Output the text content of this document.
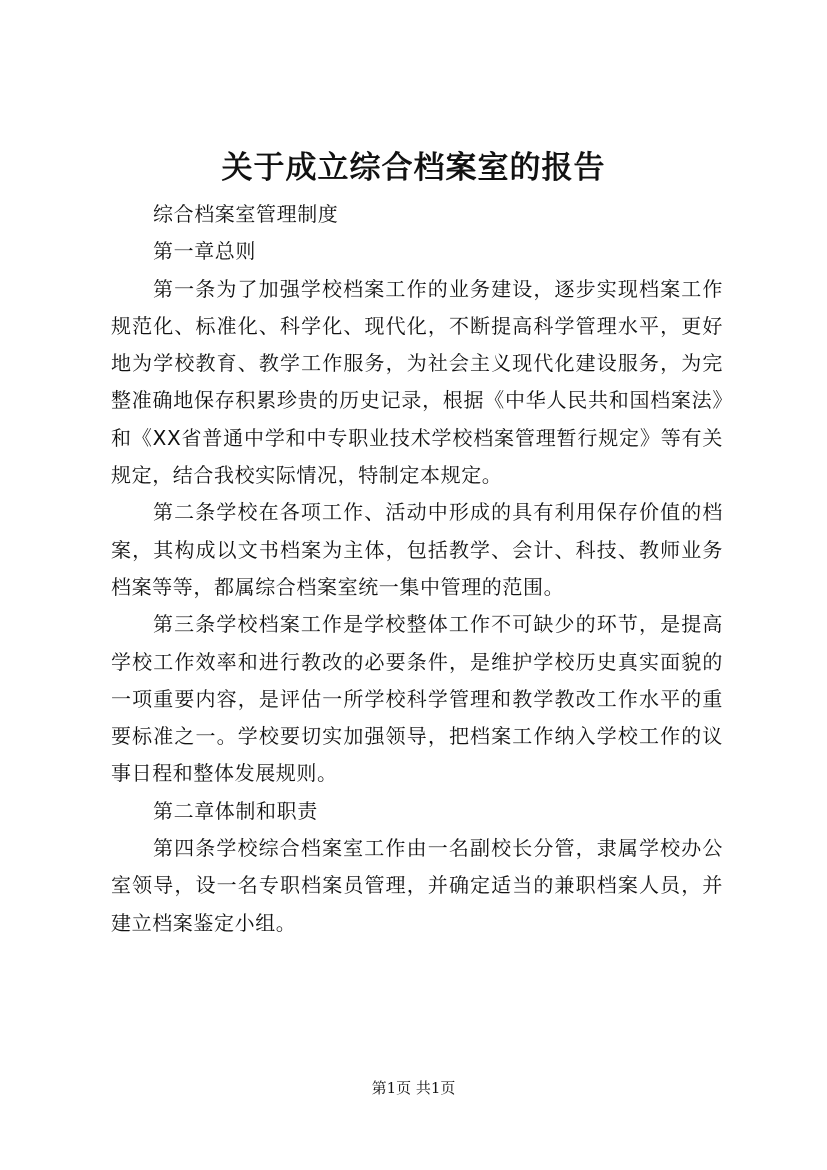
关于成立综合档案室的报告

综合档案室管理制度

第一章总则

第一条为了加强学校档案工作的业务建设，逐步实现档案工作规范化、标准化、科学化、现代化，不断提高科学管理水平，更好地为学校教育、教学工作服务，为社会主义现代化建设服务，为完整准确地保存积累珍贵的历史记录，根据《中华人民共和国档案法》和《XX省普通中学和中专职业技术学校档案管理暂行规定》等有关规定，结合我校实际情况，特制定本规定。

第二条学校在各项工作、活动中形成的具有利用保存价值的档案，其构成以文书档案为主体，包括教学、会计、科技、教师业务档案等等，都属综合档案室统一集中管理的范围。

第三条学校档案工作是学校整体工作不可缺少的环节，是提高学校工作效率和进行教改的必要条件，是维护学校历史真实面貌的一项重要内容，是评估一所学校科学管理和教学教改工作水平的重要标准之一。学校要切实加强领导，把档案工作纳入学校工作的议事日程和整体发展规则。

第二章体制和职责

第四条学校综合档案室工作由一名副校长分管，隶属学校办公室领导，设一名专职档案员管理，并确定适当的兼职档案人员，并建立档案鉴定小组。

第1页 共1页
